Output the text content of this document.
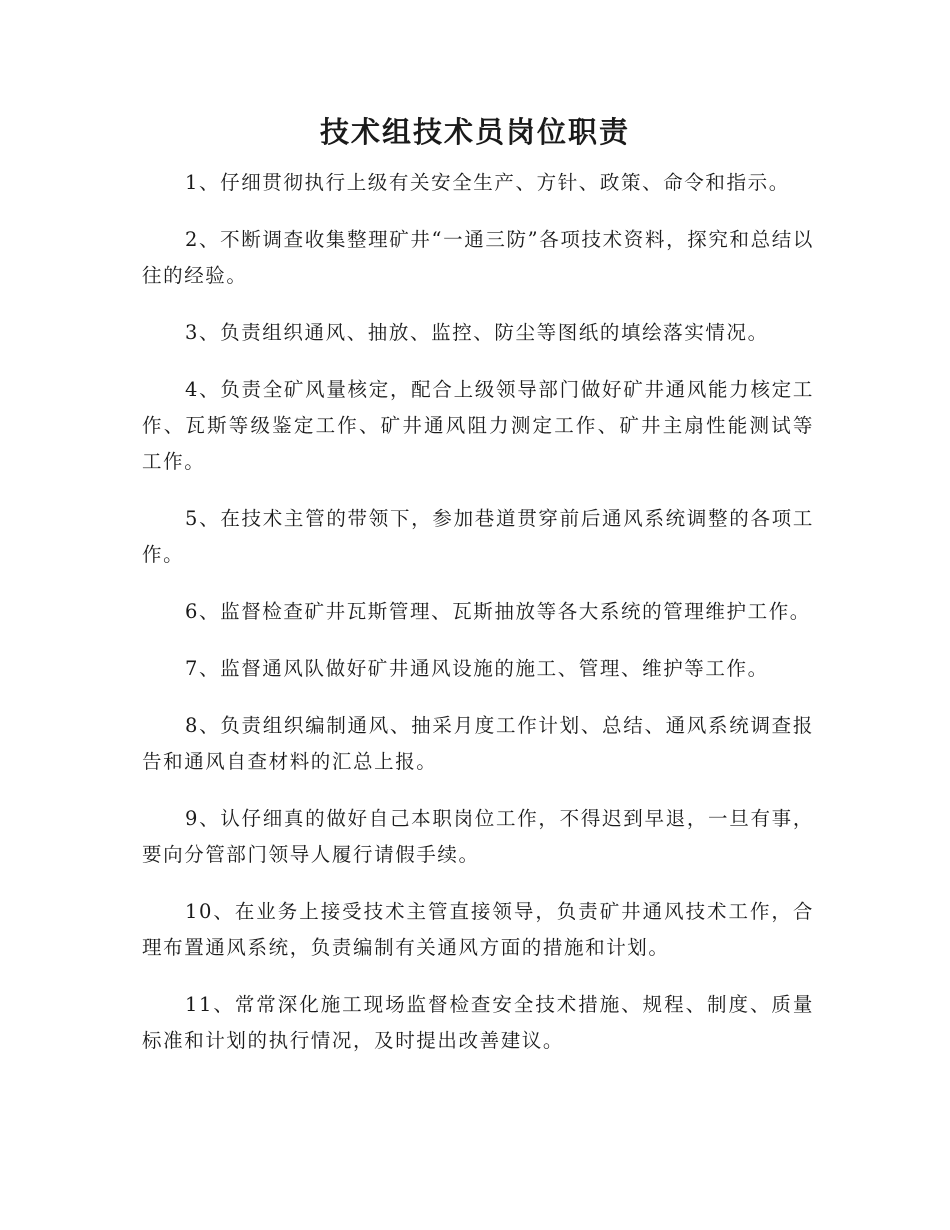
技术组技术员岗位职责

1、仔细贯彻执行上级有关安全生产、方针、政策、命令和指示。

2、不断调查收集整理矿井“一通三防”各项技术资料，探究和总结以往的经验。

3、负责组织通风、抽放、监控、防尘等图纸的填绘落实情况。

4、负责全矿风量核定，配合上级领导部门做好矿井通风能力核定工作、瓦斯等级鉴定工作、矿井通风阻力测定工作、矿井主扇性能测试等工作。

5、在技术主管的带领下，参加巷道贯穿前后通风系统调整的各项工作。

6、监督检查矿井瓦斯管理、瓦斯抽放等各大系统的管理维护工作。

7、监督通风队做好矿井通风设施的施工、管理、维护等工作。

8、负责组织编制通风、抽采月度工作计划、总结、通风系统调查报告和通风自查材料的汇总上报。

9、认仔细真的做好自己本职岗位工作，不得迟到早退，一旦有事，要向分管部门领导人履行请假手续。

10、在业务上接受技术主管直接领导，负责矿井通风技术工作，合理布置通风系统，负责编制有关通风方面的措施和计划。

11、常常深化施工现场监督检查安全技术措施、规程、制度、质量标准和计划的执行情况，及时提出改善建议。
